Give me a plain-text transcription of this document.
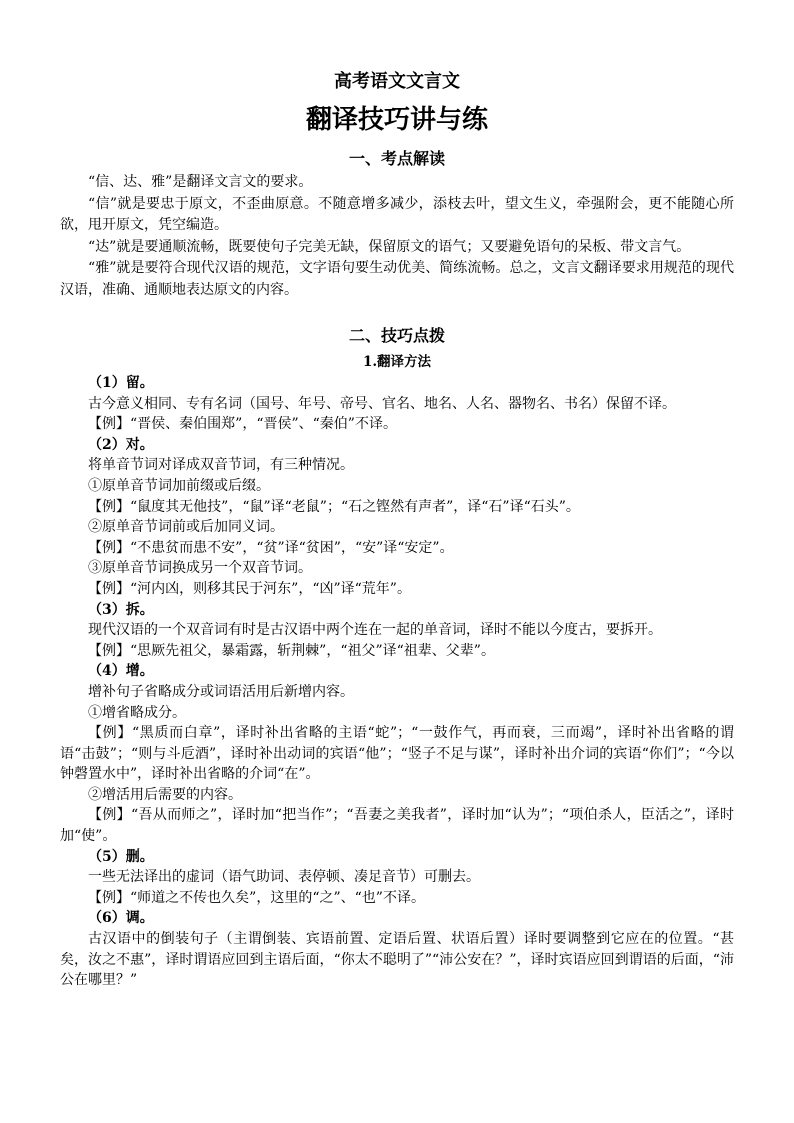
高考语文文言文
翻译技巧讲与练
一、考点解读

“信、达、雅”是翻译文言文的要求。

“信”就是要忠于原文，不歪曲原意。不随意增多减少，添枝去叶，望文生义，牵强附会，更不能随心所欲，甩开原文，凭空编造。

“达”就是要通顺流畅，既要使句子完美无缺，保留原文的语气；又要避免语句的呆板、带文言气。

“雅”就是要符合现代汉语的规范，文字语句要生动优美、简练流畅。总之，文言文翻译要求用规范的现代汉语，准确、通顺地表达原文的内容。

二、技巧点拨
1.翻译方法

（1）留。

古今意义相同、专有名词（国号、年号、帝号、官名、地名、人名、器物名、书名）保留不译。

【例】“晋侯、秦伯围郑”，“晋侯”、“秦伯”不译。

（2）对。

将单音节词对译成双音节词，有三种情况。

①原单音节词加前缀或后缀。

【例】“鼠度其无他技”，“鼠”译“老鼠”；“石之铿然有声者”，译“石”译“石头”。

②原单音节词前或后加同义词。

【例】“不患贫而患不安”，“贫”译“贫困”，“安”译“安定”。

③原单音节词换成另一个双音节词。

【例】“河内凶，则移其民于河东”，“凶”译“荒年”。

（3）拆。

现代汉语的一个双音词有时是古汉语中两个连在一起的单音词，译时不能以今度古，要拆开。

【例】“思厥先祖父，暴霜露，斩荆棘”，“祖父”译“祖辈、父辈”。

（4）增。

增补句子省略成分或词语活用后新增内容。

①增省略成分。

【例】“黑质而白章”，译时补出省略的主语“蛇”；“一鼓作气，再而衰，三而竭”，译时补出省略的谓语“击鼓”；“则与斗卮酒”，译时补出动词的宾语“他”；“竖子不足与谋”，译时补出介词的宾语“你们”；“今以钟磬置水中”，译时补出省略的介词“在”。

②增活用后需要的内容。

【例】“吾从而师之”，译时加“把当作”；“吾妻之美我者”，译时加“认为”；“项伯杀人，臣活之”，译时加“使”。

（5）删。

一些无法译出的虚词（语气助词、表停顿、凑足音节）可删去。

【例】“师道之不传也久矣”，这里的“之”、“也”不译。

（6）调。

古汉语中的倒装句子（主谓倒装、宾语前置、定语后置、状语后置）译时要调整到它应在的位置。“甚矣，汝之不惠”，译时谓语应回到主语后面，“你太不聪明了”“沛公安在？”，译时宾语应回到谓语的后面，“沛公在哪里？”
